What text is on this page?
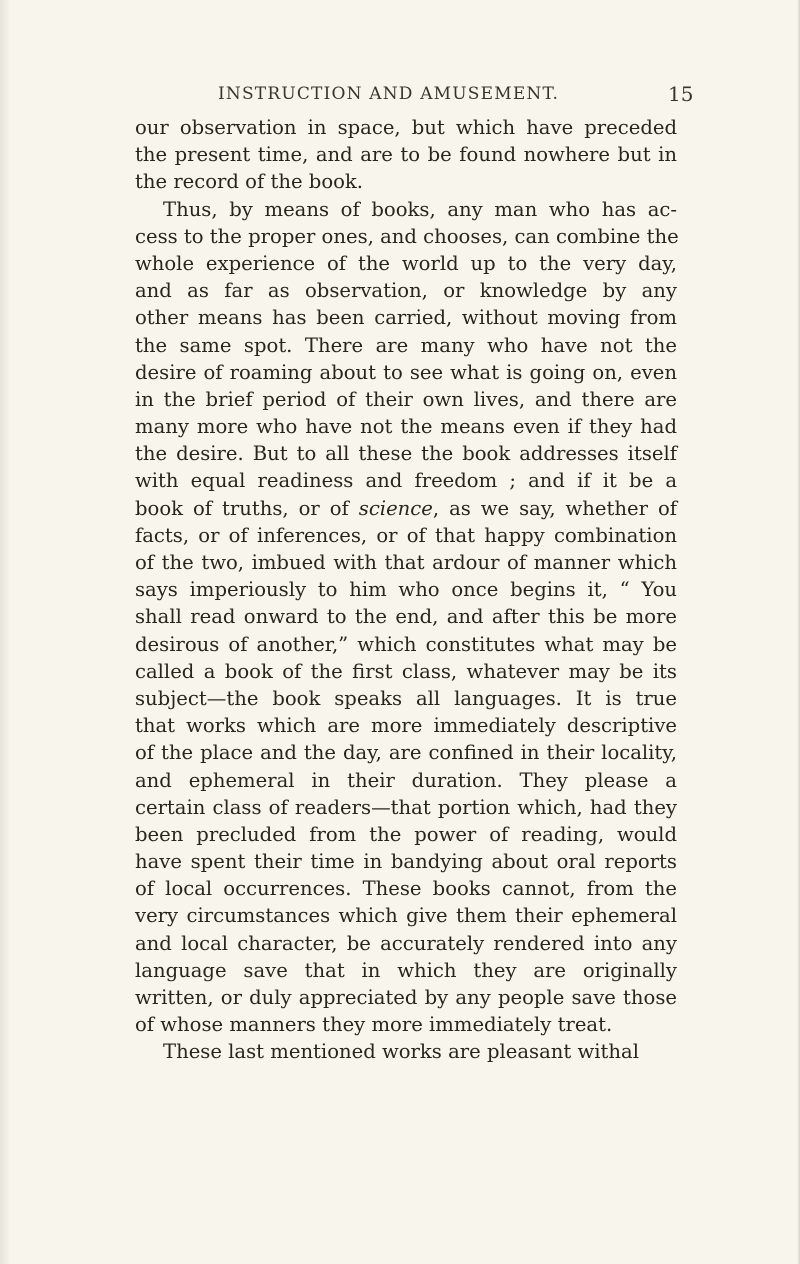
INSTRUCTION AND AMUSEMENT.	15
our observation in space, but which have preceded
the present time, and are to be found nowhere but in
the record of the book.
Thus, by means of books, any man who has ac-
cess to the proper ones, and chooses, can combine the
whole experience of the world up to the very day,
and as far as observation, or knowledge by any
other means has been carried, without moving from
the same spot. There are many who have not the
desire of roaming about to see what is going on, even
in the brief period of their own lives, and there are
many more who have not the means even if they had
the desire. But to all these the book addresses itself
with equal readiness and freedom ; and if it be a
book of truths, or of science, as we say, whether of
facts, or of inferences, or of that happy combination
of the two, imbued with that ardour of manner which
says imperiously to him who once begins it, “ You
shall read onward to the end, and after this be more
desirous of another,” which constitutes what may be
called a book of the first class, whatever may be its
subject—the book speaks all languages. It is true
that works which are more immediately descriptive
of the place and the day, are confined in their locality,
and ephemeral in their duration. They please a
certain class of readers—that portion which, had they
been precluded from the power of reading, would
have spent their time in bandying about oral reports
of local occurrences. These books cannot, from the
very circumstances which give them their ephemeral
and local character, be accurately rendered into any
language save that in which they are originally
written, or duly appreciated by any people save those
of whose manners they more immediately treat.
These last mentioned works are pleasant withal
